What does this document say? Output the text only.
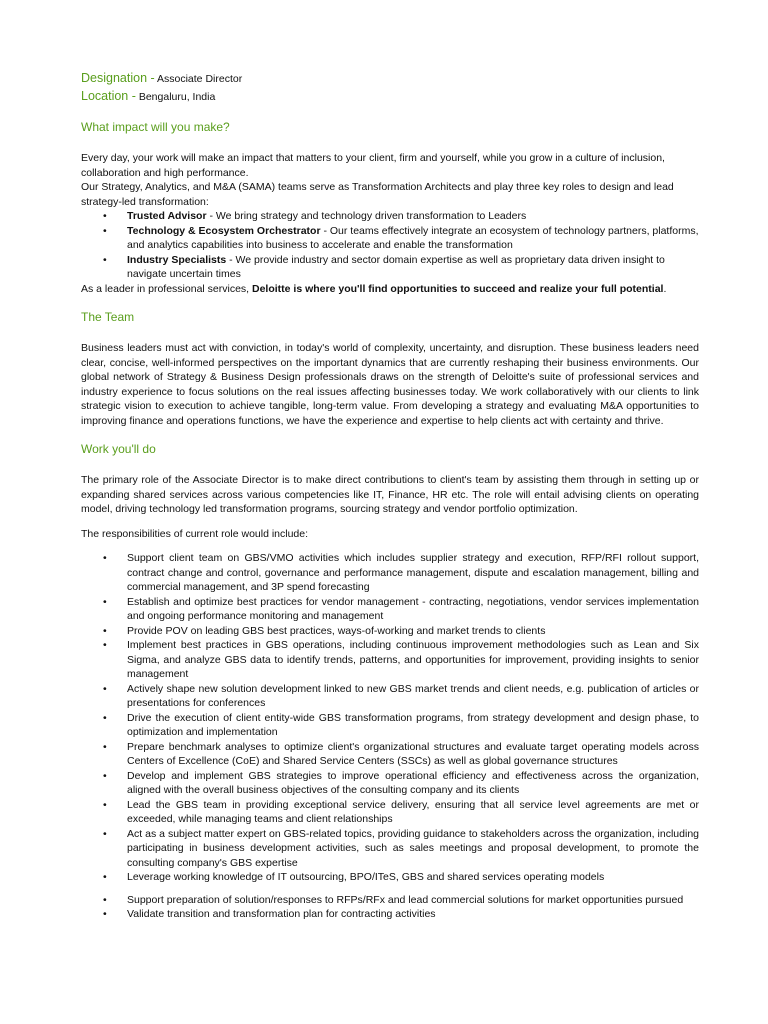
Designation - Associate Director

Location - Bengaluru, India

What impact will you make?

Every day, your work will make an impact that matters to your client, firm and yourself, while you grow in a culture of inclusion, collaboration and high performance.

Our Strategy, Analytics, and M&A (SAMA) teams serve as Transformation Architects and play three key roles to design and lead strategy-led transformation:

• Trusted Advisor - We bring strategy and technology driven transformation to Leaders
• Technology & Ecosystem Orchestrator - Our teams effectively integrate an ecosystem of technology partners, platforms, and analytics capabilities into business to accelerate and enable the transformation
• Industry Specialists - We provide industry and sector domain expertise as well as proprietary data driven insight to navigate uncertain times

As a leader in professional services, Deloitte is where you'll find opportunities to succeed and realize your full potential.

The Team

Business leaders must act with conviction, in today's world of complexity, uncertainty, and disruption. These business leaders need clear, concise, well-informed perspectives on the important dynamics that are currently reshaping their business environments. Our global network of Strategy & Business Design professionals draws on the strength of Deloitte's suite of professional services and industry experience to focus solutions on the real issues affecting businesses today. We work collaboratively with our clients to link strategic vision to execution to achieve tangible, long-term value. From developing a strategy and evaluating M&A opportunities to improving finance and operations functions, we have the experience and expertise to help clients act with certainty and thrive.

Work you'll do

The primary role of the Associate Director is to make direct contributions to client's team by assisting them through in setting up or expanding shared services across various competencies like IT, Finance, HR etc. The role will entail advising clients on operating model, driving technology led transformation programs, sourcing strategy and vendor portfolio optimization.

The responsibilities of current role would include:

• Support client team on GBS/VMO activities which includes supplier strategy and execution, RFP/RFI rollout support, contract change and control, governance and performance management, dispute and escalation management, billing and commercial management, and 3P spend forecasting
• Establish and optimize best practices for vendor management - contracting, negotiations, vendor services implementation and ongoing performance monitoring and management
• Provide POV on leading GBS best practices, ways-of-working and market trends to clients
• Implement best practices in GBS operations, including continuous improvement methodologies such as Lean and Six Sigma, and analyze GBS data to identify trends, patterns, and opportunities for improvement, providing insights to senior management
• Actively shape new solution development linked to new GBS market trends and client needs, e.g. publication of articles or presentations for conferences
• Drive the execution of client entity-wide GBS transformation programs, from strategy development and design phase, to optimization and implementation
• Prepare benchmark analyses to optimize client's organizational structures and evaluate target operating models across Centers of Excellence (CoE) and Shared Service Centers (SSCs) as well as global governance structures
• Develop and implement GBS strategies to improve operational efficiency and effectiveness across the organization, aligned with the overall business objectives of the consulting company and its clients
• Lead the GBS team in providing exceptional service delivery, ensuring that all service level agreements are met or exceeded, while managing teams and client relationships
• Act as a subject matter expert on GBS-related topics, providing guidance to stakeholders across the organization, including participating in business development activities, such as sales meetings and proposal development, to promote the consulting company's GBS expertise
• Leverage working knowledge of IT outsourcing, BPO/ITeS, GBS and shared services operating models
• Support preparation of solution/responses to RFPs/RFx and lead commercial solutions for market opportunities pursued
• Validate transition and transformation plan for contracting activities
